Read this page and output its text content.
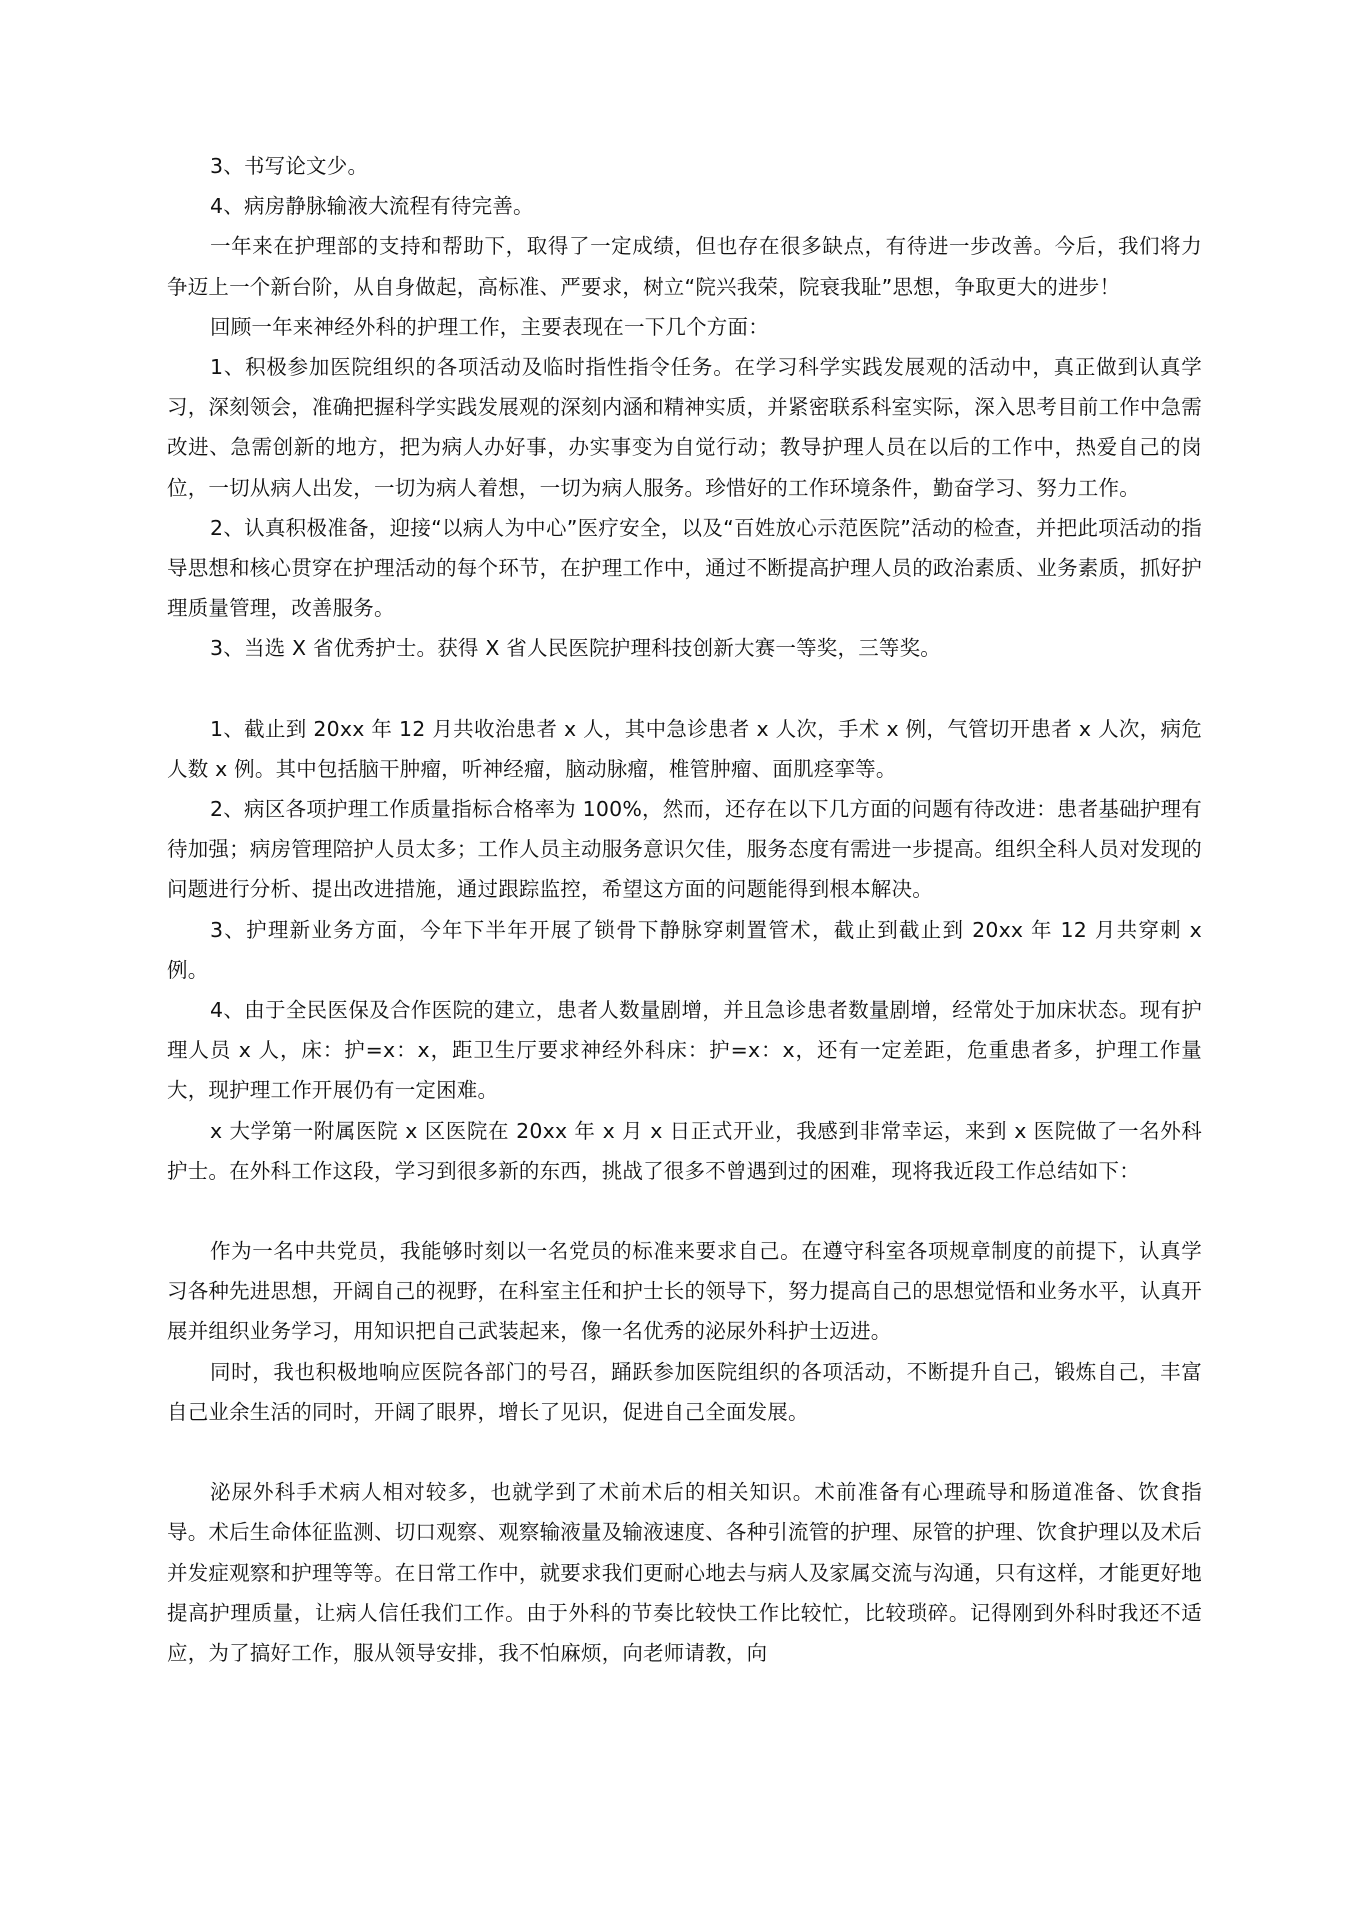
3、书写论文少。

4、病房静脉输液大流程有待完善。

一年来在护理部的支持和帮助下，取得了一定成绩，但也存在很多缺点，有待进一步改善。今后，我们将力争迈上一个新台阶，从自身做起，高标准、严要求，树立“院兴我荣，院衰我耻”思想，争取更大的进步！

回顾一年来神经外科的护理工作，主要表现在一下几个方面：

1、积极参加医院组织的各项活动及临时指性指令任务。在学习科学实践发展观的活动中，真正做到认真学习，深刻领会，准确把握科学实践发展观的深刻内涵和精神实质，并紧密联系科室实际，深入思考目前工作中急需改进、急需创新的地方，把为病人办好事，办实事变为自觉行动；教导护理人员在以后的工作中，热爱自己的岗位，一切从病人出发，一切为病人着想，一切为病人服务。珍惜好的工作环境条件，勤奋学习、努力工作。

2、认真积极准备，迎接“以病人为中心”医疗安全，以及“百姓放心示范医院”活动的检查，并把此项活动的指导思想和核心贯穿在护理活动的每个环节，在护理工作中，通过不断提高护理人员的政治素质、业务素质，抓好护理质量管理，改善服务。

3、当选 X 省优秀护士。获得 X 省人民医院护理科技创新大赛一等奖，三等奖。

1、截止到 20xx 年 12 月共收治患者 x 人，其中急诊患者 x 人次，手术 x 例，气管切开患者 x 人次，病危人数 x 例。其中包括脑干肿瘤，听神经瘤，脑动脉瘤，椎管肿瘤、面肌痉挛等。

2、病区各项护理工作质量指标合格率为 100%，然而，还存在以下几方面的问题有待改进：患者基础护理有待加强；病房管理陪护人员太多；工作人员主动服务意识欠佳，服务态度有需进一步提高。组织全科人员对发现的问题进行分析、提出改进措施，通过跟踪监控，希望这方面的问题能得到根本解决。

3、护理新业务方面，今年下半年开展了锁骨下静脉穿刺置管术，截止到截止到 20xx 年 12 月共穿刺 x 例。

4、由于全民医保及合作医院的建立，患者人数量剧增，并且急诊患者数量剧增，经常处于加床状态。现有护理人员 x 人，床：护=x：x，距卫生厅要求神经外科床：护=x：x，还有一定差距，危重患者多，护理工作量大，现护理工作开展仍有一定困难。

x 大学第一附属医院 x 区医院在 20xx 年 x 月 x 日正式开业，我感到非常幸运，来到 x 医院做了一名外科护士。在外科工作这段，学习到很多新的东西，挑战了很多不曾遇到过的困难，现将我近段工作总结如下：

作为一名中共党员，我能够时刻以一名党员的标准来要求自己。在遵守科室各项规章制度的前提下，认真学习各种先进思想，开阔自己的视野，在科室主任和护士长的领导下，努力提高自己的思想觉悟和业务水平，认真开展并组织业务学习，用知识把自己武装起来，像一名优秀的泌尿外科护士迈进。

同时，我也积极地响应医院各部门的号召，踊跃参加医院组织的各项活动，不断提升自己，锻炼自己，丰富自己业余生活的同时，开阔了眼界，增长了见识，促进自己全面发展。

泌尿外科手术病人相对较多，也就学到了术前术后的相关知识。术前准备有心理疏导和肠道准备、饮食指导。术后生命体征监测、切口观察、观察输液量及输液速度、各种引流管的护理、尿管的护理、饮食护理以及术后并发症观察和护理等等。在日常工作中，就要求我们更耐心地去与病人及家属交流与沟通，只有这样，才能更好地提高护理质量，让病人信任我们工作。由于外科的节奏比较快工作比较忙，比较琐碎。记得刚到外科时我还不适应，为了搞好工作，服从领导安排，我不怕麻烦，向老师请教，向
